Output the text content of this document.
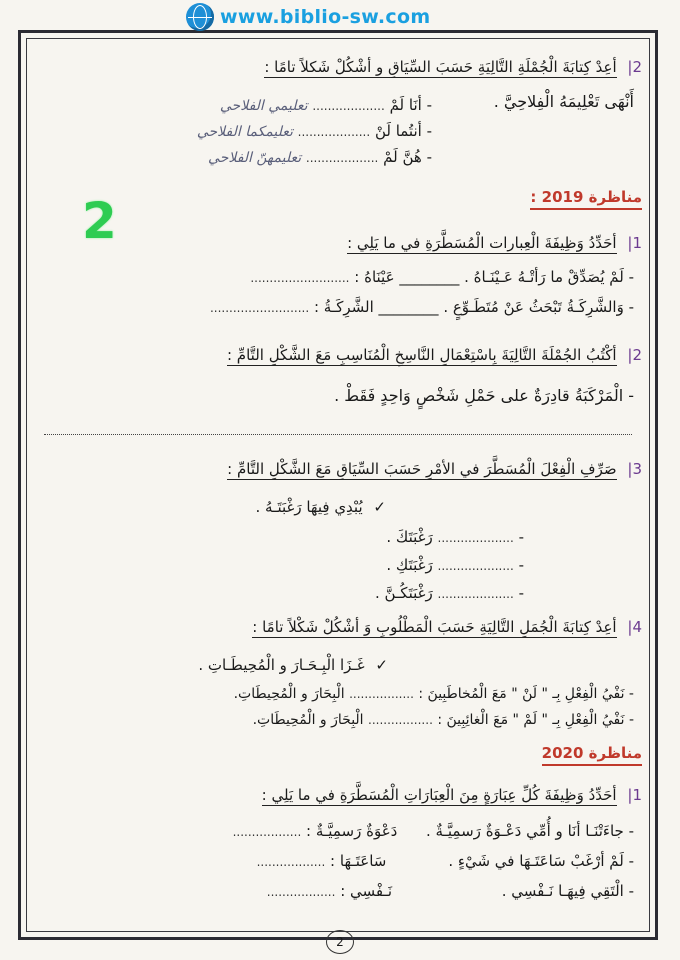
www.biblio-sw.com
2
2| أعِدْ كِتابَةَ الْجُمْلَةِ التَّالِيَةِ حَسَبَ السِّيَاقِ و أشْكُلْ شَكلاً تامًا :
أَنْهَى تَعْلِيمَهُ الْفِلاحِيَّ .
- أنَا لَمْ ................... تعليمي الفلاحي
- أنتُما لَنْ ................... تعليمكما الفلاحي
- هُنَّ لَمْ ................... تعليمهنّ الفلاحي
مناظرة 2019 :
1| أحَدِّدُ وَظِيفَةَ الْعِبارات الْمُسَطَّرَةِ في ما يَلِي :
- لَمْ يُصَدِّقْ ما رَأتْـهُ عَـيْنَـاهُ . ________ عَيْنَاهُ : ..........................
- وَالشَّرِكَـةُ تَبْحَثُ عَنْ مُتَطَـوِّعٍ . ________ الشَّرِكَـةُ : ..........................
2| أكْتُبُ الجُمْلَةَ التَّالِيَةَ بِاسْتِعْمَالِ النَّاسِخِ الْمُنَاسِبِ مَعَ الشَّكْلِ التَّامِّ :
- الْمَرْكَبَةُ قادِرَةٌ على حَمْلِ شَخْصٍ وَاحِدٍ فَقَطْ .
3| صَرِّفِ الْفِعْلَ الْمُسَطَّرَ في الأمْرِ حَسَبَ السِّيَاقِ مَعَ الشَّكْلِ التَّامِّ :
✓ يُبْدِي فِيهَا رَغْبَتَـهُ .
- .................... رَغْبَتَكَ .
- .................... رَغْبَتَكِ .
- .................... رَغْبَتَكُـنَّ .
4| أعِدْ كِتابَةَ الْجُمَلِ التَّالِيَةِ حَسَبَ الْمَطْلُوبِ وَ أشْكُلْ شَكْلاً تامًا :
✓ غَـزَا الْبِـحَـارَ و الْمُحِيطَـاتِ .
- نَفْيُ الْفِعْلِ بِـ " لَنْ " مَعَ الْمُخاطَبِينَ : ................. الْبِحَارَ و الْمُحِيطَاتِ.
- نَفْيُ الْفِعْلِ بِـ " لَمْ " مَعَ الْغائِبِينَ : ................. الْبِحَارَ و الْمُحِيطَاتِ.
مناظرة 2020
1| أحَدِّدُ وَظِيفَةَ كُلِّ عِبَارَةٍ مِنَ الْعِبَارَاتِ الْمُسَطَّرَةِ في ما يَلِي :
- جاءَتْنَـا أنَا و أُمِّي دَعْـوَةٌ رَسمِيَّـةٌ .      دَعْوَةٌ رَسمِيَّـةٌ : ..................
- لَمْ أرْغَبْ سَاعَتَـهَا في شَيْءٍ .             سَاعَتَـهَا : ..................
- الْتَقِي فِيهَـا نَـفْسِي .                       نَـفْسِي : ..................
2
